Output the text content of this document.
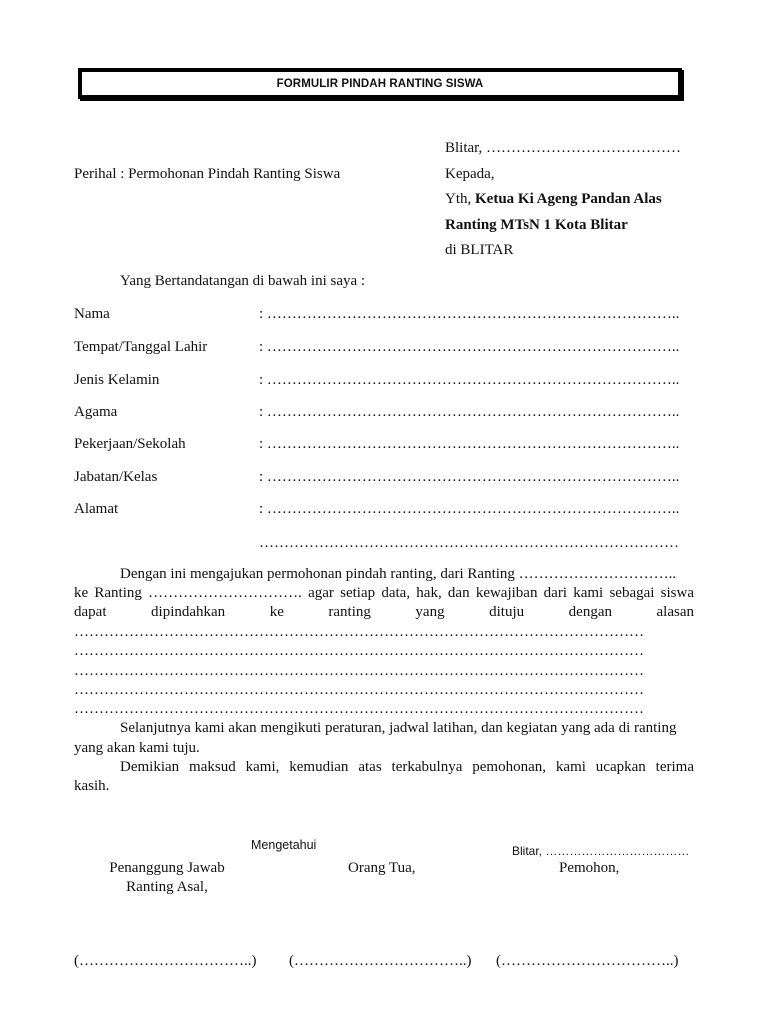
FORMULIR PINDAH RANTING SISWA
Blitar, …………………………………
Perihal : Permohonan Pindah Ranting Siswa	Kepada,
Yth, Ketua Ki Ageng Pandan Alas
Ranting MTsN 1 Kota Blitar
di BLITAR
Yang Bertandatangan di bawah ini saya :
Nama	: ………………………………………………………………………..
Tempat/Tanggal Lahir	: ………………………………………………………………………..
Jenis Kelamin	: ………………………………………………………………………..
Agama	: ………………………………………………………………………..
Pekerjaan/Sekolah	: ………………………………………………………………………..
Jabatan/Kelas	: ………………………………………………………………………..
Alamat	: ………………………………………………………………………..
…………………………………………………………………………
Dengan ini mengajukan permohonan pindah ranting, dari Ranting …………………………..
ke Ranting …………………………. agar setiap data, hak, dan kewajiban dari kami sebagai siswa
dapat dipindahkan ke ranting yang dituju dengan alasan
……………………………………………………………………………………………………
……………………………………………………………………………………………………
……………………………………………………………………………………………………
……………………………………………………………………………………………………
……………………………………………………………………………………………………
Selanjutnya kami akan mengikuti peraturan, jadwal latihan, dan kegiatan yang ada di ranting
yang akan kami tuju.
Demikian maksud kami, kemudian atas terkabulnya pemohonan, kami ucapkan terima
kasih.
Mengetahui	Blitar, ………………………………
Penanggung Jawab
Ranting Asal,
Orang Tua,	Pemohon,
(……………………………..) (……………………………..) (……………………………..)
